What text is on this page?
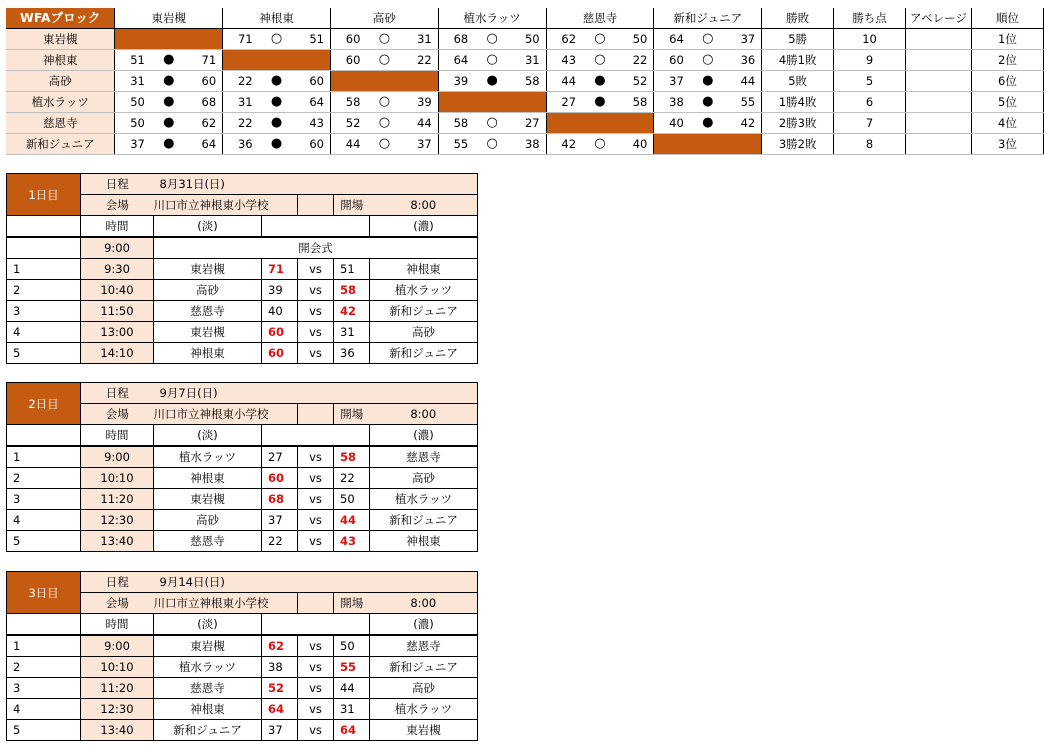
WFAブロック	東岩槻			神根東			高砂			植水ラッツ			慈恩寺			新和ジュニア			勝敗	勝ち点	アベレージ	順位
東岩槻				71	○	51	60	○	31	68	○	50	62	○	50	64	○	37	5勝	10		1位
神根東	51	●	71				60	○	22	64	○	31	43	○	22	60	○	36	4勝1敗	9		2位
高砂	31	●	60	22	●	60				39	●	58	44	●	52	37	●	44	5敗	5		6位
植水ラッツ	50	●	68	31	●	64	58	○	39				27	●	58	38	●	55	1勝4敗	6		5位
慈恩寺	50	●	62	22	●	43	52	○	44	58	○	27				40	●	42	2勝3敗	7		4位
新和ジュニア	37	●	64	36	●	60	44	○	37	55	○	38	42	○	40				3勝2敗	8		3位
1日目	日程	8月31日(日)				
	会場	川口市立神根東小学校			開場	8:00
	時間	(淡)				(濃)
	9:00	開会式				
1	9:30	東岩槻	71	vs	51	神根東
2	10:40	高砂	39	vs	58	植水ラッツ
3	11:50	慈恩寺	40	vs	42	新和ジュニア
4	13:00	東岩槻	60	vs	31	高砂
5	14:10	神根東	60	vs	36	新和ジュニア
2日目	日程	9月7日(日)				
	会場	川口市立神根東小学校			開場	8:00
	時間	(淡)				(濃)
1	9:00	植水ラッツ	27	vs	58	慈恩寺
2	10:10	神根東	60	vs	22	高砂
3	11:20	東岩槻	68	vs	50	植水ラッツ
4	12:30	高砂	37	vs	44	新和ジュニア
5	13:40	慈恩寺	22	vs	43	神根東
3日目	日程	9月14日(日)				
	会場	川口市立神根東小学校			開場	8:00
	時間	(淡)				(濃)
1	9:00	東岩槻	62	vs	50	慈恩寺
2	10:10	植水ラッツ	38	vs	55	新和ジュニア
3	11:20	慈恩寺	52	vs	44	高砂
4	12:30	神根東	64	vs	31	植水ラッツ
5	13:40	新和ジュニア	37	vs	64	東岩槻
